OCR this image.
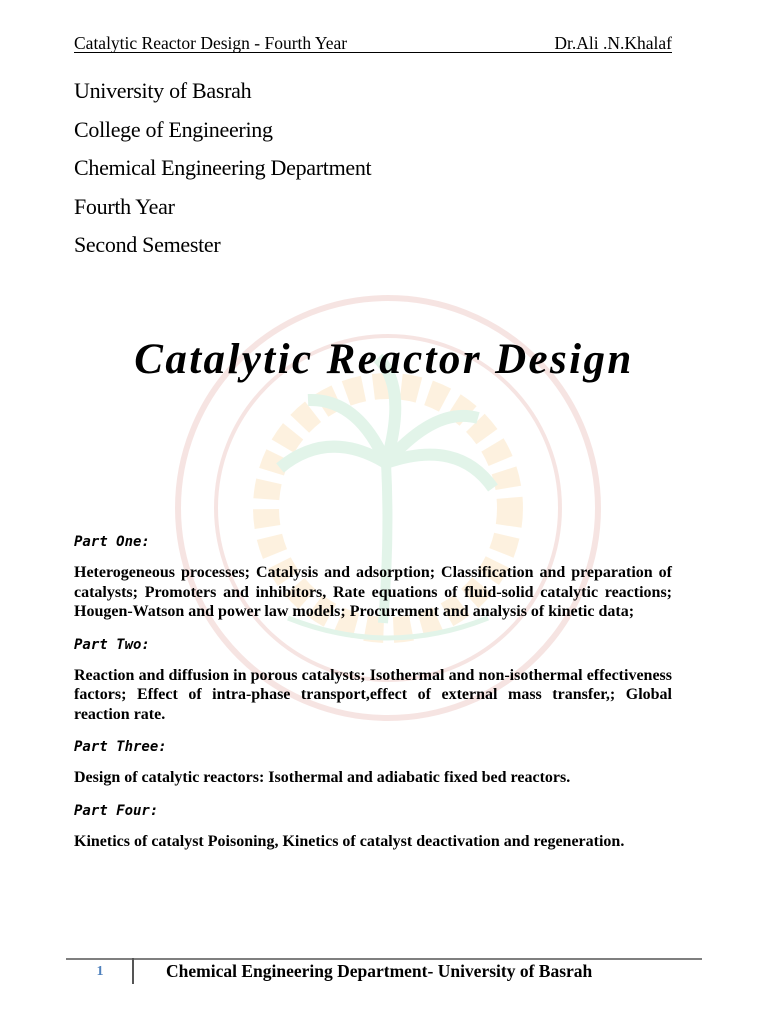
Catalytic Reactor Design - Fourth Year	Dr.Ali .N.Khalaf
University of Basrah
College of Engineering
Chemical Engineering Department
Fourth Year
Second Semester
Catalytic Reactor Design
Part One:
Heterogeneous processes; Catalysis and adsorption; Classification and preparation of catalysts; Promoters and inhibitors, Rate equations of fluid-solid catalytic reactions; Hougen-Watson and power law models; Procurement and analysis of kinetic data;
Part Two:
Reaction and diffusion in porous catalysts; Isothermal and non-isothermal effectiveness factors; Effect of intra-phase transport,effect of external mass transfer,; Global reaction rate.
Part Three:
Design of catalytic reactors: Isothermal and adiabatic fixed bed reactors.
Part Four:
Kinetics of catalyst Poisoning, Kinetics of catalyst deactivation and regeneration.
1	Chemical Engineering Department- University of Basrah
